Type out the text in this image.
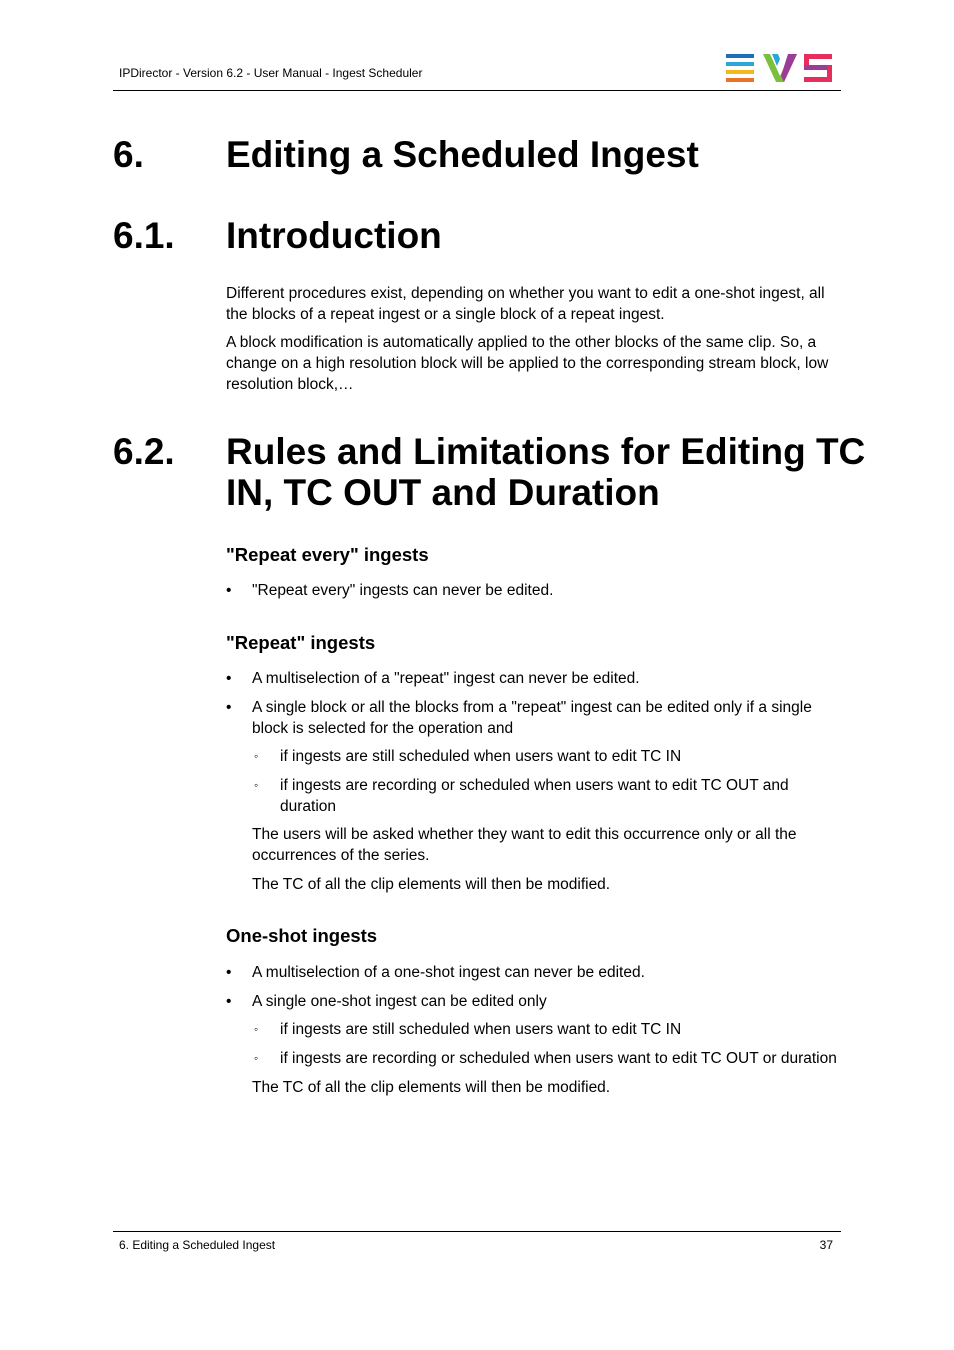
IPDirector - Version 6.2 - User Manual - Ingest Scheduler
6. Editing a Scheduled Ingest
6.1. Introduction
Different procedures exist, depending on whether you want to edit a one-shot ingest, all
the blocks of a repeat ingest or a single block of a repeat ingest.
A block modification is automatically applied to the other blocks of the same clip. So, a
change on a high resolution block will be applied to the corresponding stream block, low
resolution block,…
6.2. Rules and Limitations for Editing TC
IN, TC OUT and Duration
"Repeat every" ingests
• "Repeat every" ingests can never be edited.
"Repeat" ingests
• A multiselection of a "repeat" ingest can never be edited.
• A single block or all the blocks from a "repeat" ingest can be edited only if a single
block is selected for the operation and
◦ if ingests are still scheduled when users want to edit TC IN
◦ if ingests are recording or scheduled when users want to edit TC OUT and
duration
The users will be asked whether they want to edit this occurrence only or all the
occurrences of the series.
The TC of all the clip elements will then be modified.
One-shot ingests
• A multiselection of a one-shot ingest can never be edited.
• A single one-shot ingest can be edited only
◦ if ingests are still scheduled when users want to edit TC IN
◦ if ingests are recording or scheduled when users want to edit TC OUT or duration
The TC of all the clip elements will then be modified.
6. Editing a Scheduled Ingest	37
